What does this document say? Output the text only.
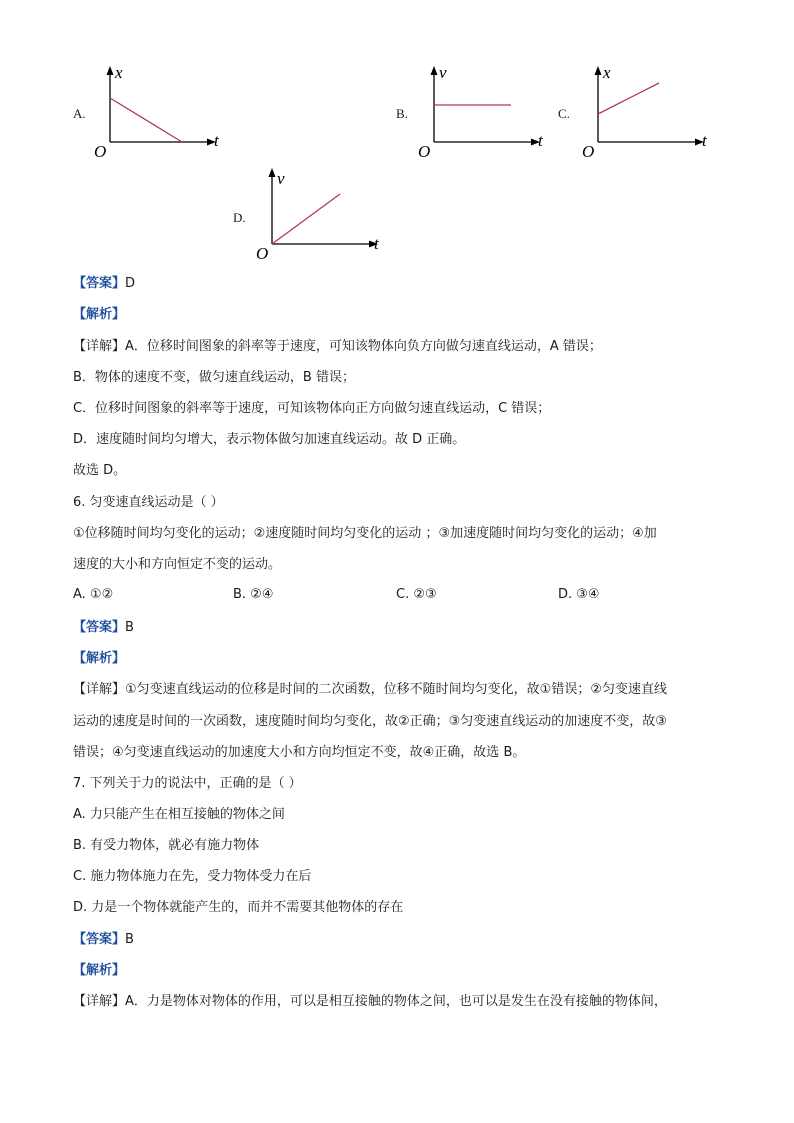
A.
x
t
O
B.
v
t
O
C.
x
t
O
D.
v
t
O
【答案】D
【解析】
【详解】A．位移时间图象的斜率等于速度，可知该物体向负方向做匀速直线运动，A 错误；
B．物体的速度不变，做匀速直线运动，B 错误；
C．位移时间图象的斜率等于速度，可知该物体向正方向做匀速直线运动，C 错误；
D．速度随时间均匀增大，表示物体做匀加速直线运动。故 D 正确。
故选 D。
6. 匀变速直线运动是（ ）
①位移随时间均匀变化的运动；②速度随时间均匀变化的运动 ；③加速度随时间均匀变化的运动；④加
速度的大小和方向恒定不变的运动。
A. ①②	B. ②④	C. ②③	D. ③④
【答案】B
【解析】
【详解】①匀变速直线运动的位移是时间的二次函数，位移不随时间均匀变化，故①错误；②匀变速直线
运动的速度是时间的一次函数，速度随时间均匀变化，故②正确；③匀变速直线运动的加速度不变，故③
错误；④匀变速直线运动的加速度大小和方向均恒定不变，故④正确，故选 B。
7. 下列关于力的说法中，正确的是（ ）
A. 力只能产生在相互接触的物体之间
B. 有受力物体，就必有施力物体
C. 施力物体施力在先，受力物体受力在后
D. 力是一个物体就能产生的，而并不需要其他物体的存在
【答案】B
【解析】
【详解】A．力是物体对物体的作用，可以是相互接触的物体之间，也可以是发生在没有接触的物体间，
